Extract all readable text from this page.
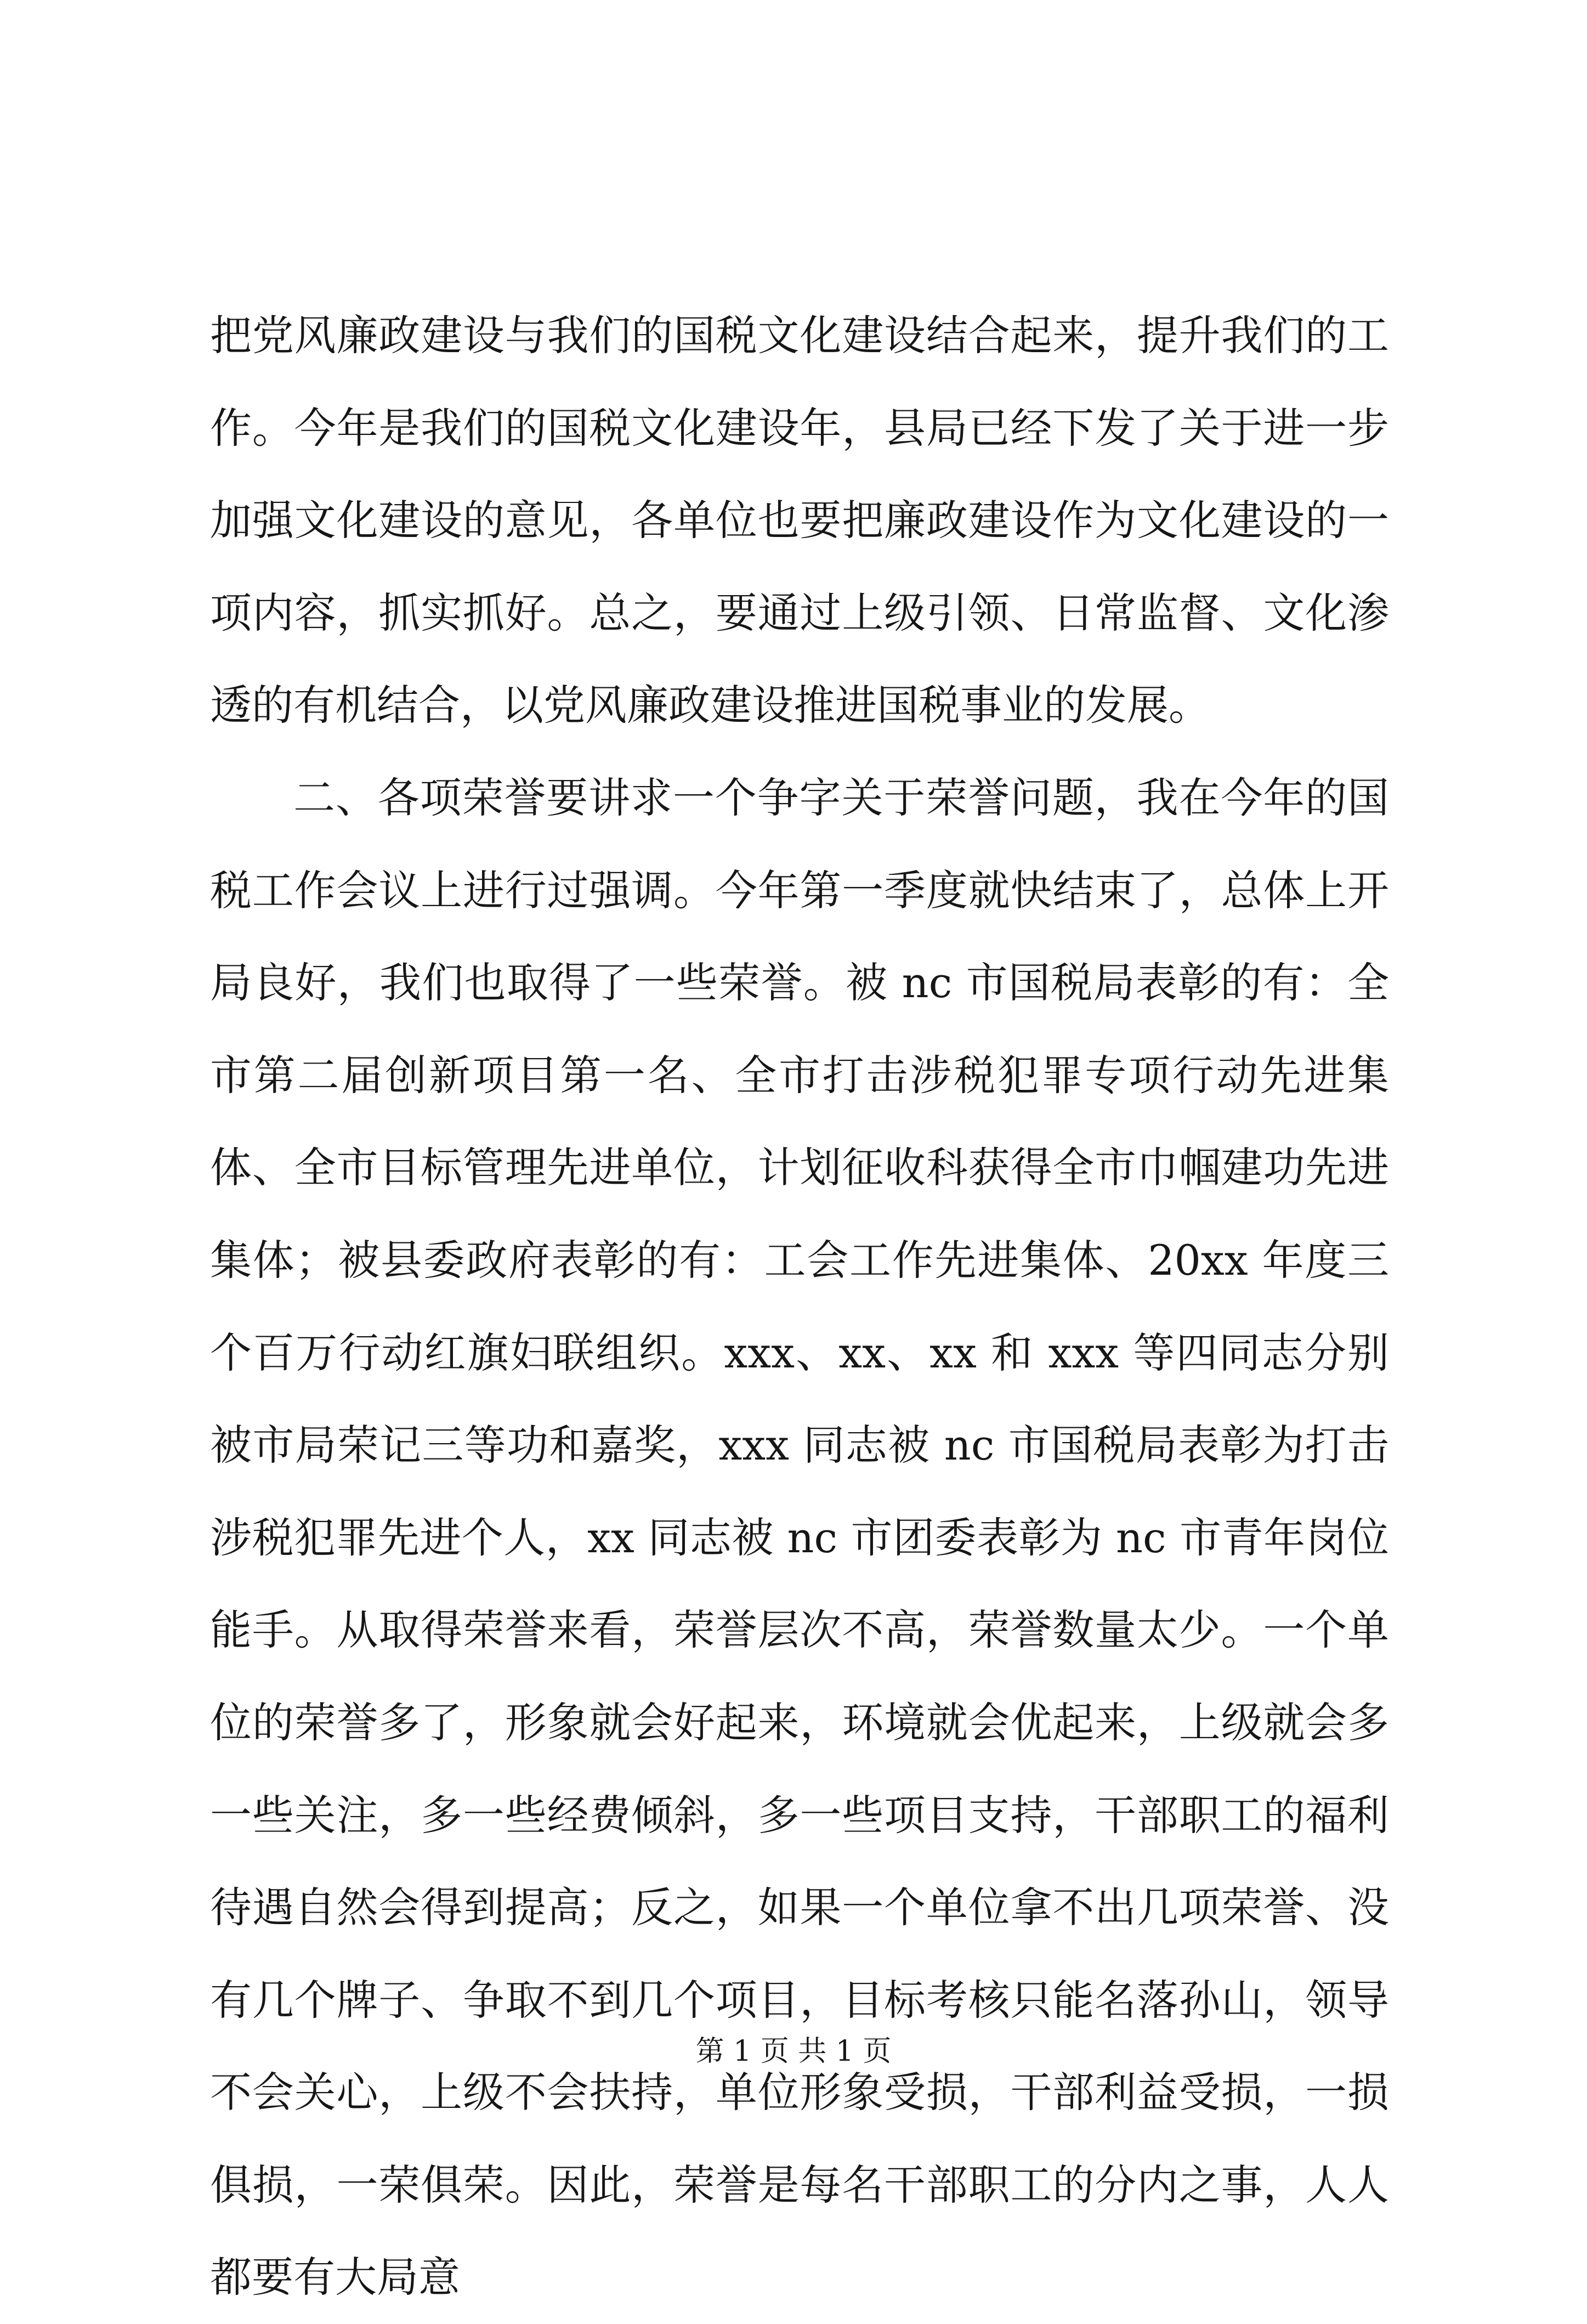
把党风廉政建设与我们的国税文化建设结合起来，提升我们的工作。今年是我们的国税文化建设年，县局已经下发了关于进一步加强文化建设的意见，各单位也要把廉政建设作为文化建设的一项内容，抓实抓好。总之，要通过上级引领、日常监督、文化渗透的有机结合，以党风廉政建设推进国税事业的发展。

二、各项荣誉要讲求一个争字关于荣誉问题，我在今年的国税工作会议上进行过强调。今年第一季度就快结束了，总体上开局良好，我们也取得了一些荣誉。被 nc 市国税局表彰的有：全市第二届创新项目第一名、全市打击涉税犯罪专项行动先进集体、全市目标管理先进单位，计划征收科获得全市巾帼建功先进集体；被县委政府表彰的有：工会工作先进集体、20xx 年度三个百万行动红旗妇联组织。xxx、xx、xx 和 xxx 等四同志分别被市局荣记三等功和嘉奖，xxx 同志被 nc 市国税局表彰为打击涉税犯罪先进个人，xx 同志被 nc 市团委表彰为 nc 市青年岗位能手。从取得荣誉来看，荣誉层次不高，荣誉数量太少。一个单位的荣誉多了，形象就会好起来，环境就会优起来，上级就会多一些关注，多一些经费倾斜，多一些项目支持，干部职工的福利待遇自然会得到提高；反之，如果一个单位拿不出几项荣誉、没有几个牌子、争取不到几个项目，目标考核只能名落孙山，领导不会关心，上级不会扶持，单位形象受损，干部利益受损，一损俱损，一荣俱荣。因此，荣誉是每名干部职工的分内之事，人人都要有大局意

第 1 页 共 1 页
